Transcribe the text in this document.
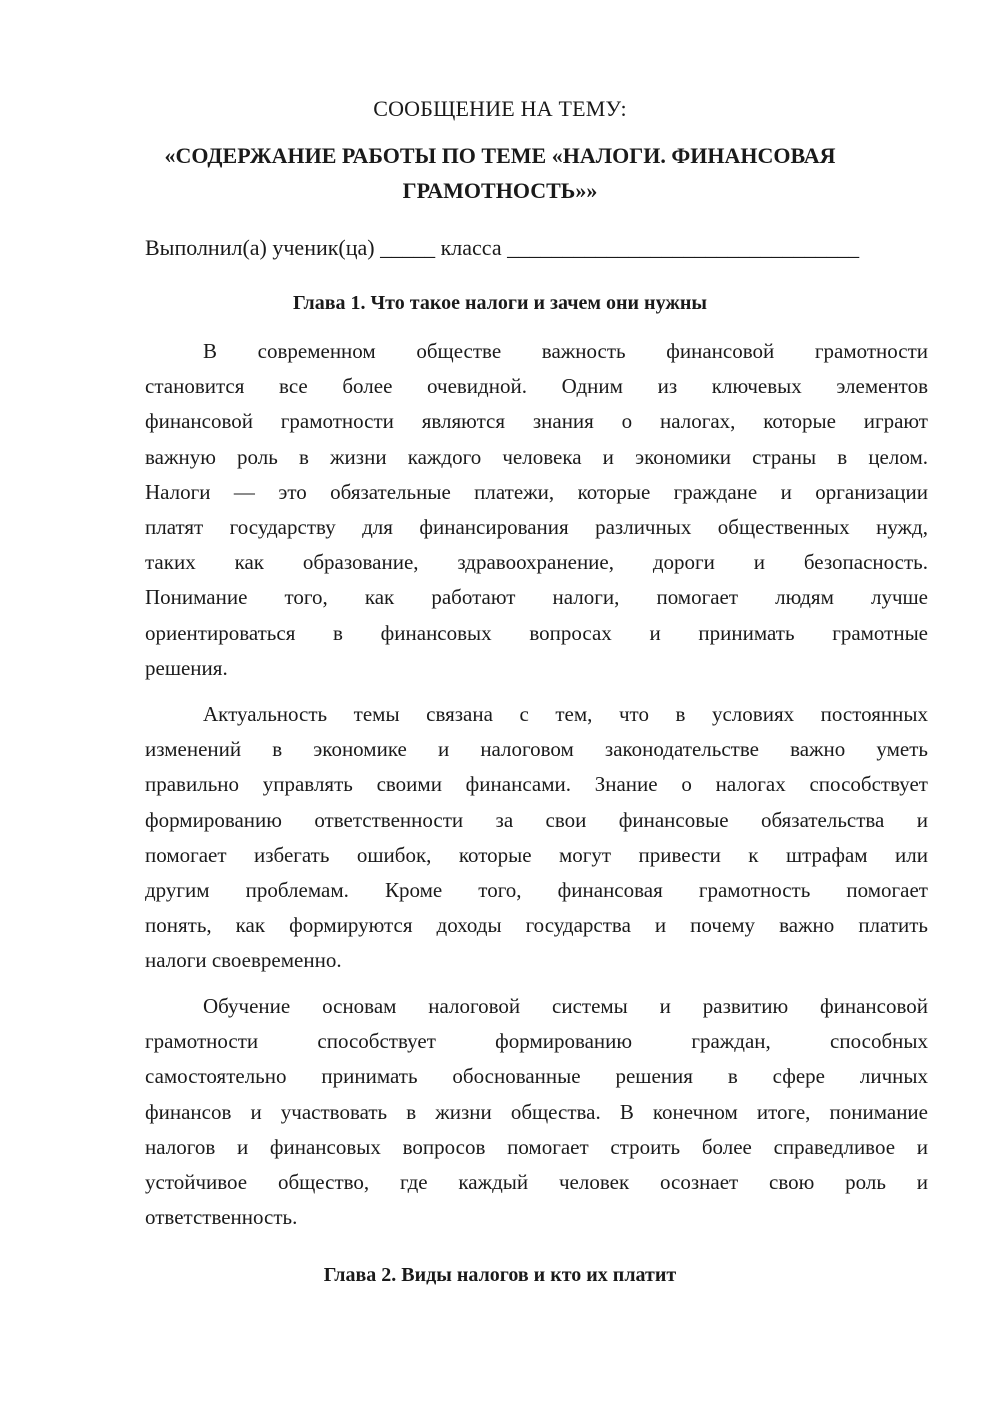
СООБЩЕНИЕ НА ТЕМУ:

«СОДЕРЖАНИЕ РАБОТЫ ПО ТЕМЕ «НАЛОГИ. ФИНАНСОВАЯ

ГРАМОТНОСТЬ»»

Выполнил(а) ученик(ца) _____ класса ________________________________
Глава 1. Что такое налоги и зачем они нужны
В современном обществе важность финансовой грамотности
становится все более очевидной. Одним из ключевых элементов
финансовой грамотности являются знания о налогах, которые играют
важную роль в жизни каждого человека и экономики страны в целом.
Налоги — это обязательные платежи, которые граждане и организации
платят государству для финансирования различных общественных нужд,
таких как образование, здравоохранение, дороги и безопасность.
Понимание того, как работают налоги, помогает людям лучше
ориентироваться в финансовых вопросах и принимать грамотные
решения.
Актуальность темы связана с тем, что в условиях постоянных
изменений в экономике и налоговом законодательстве важно уметь
правильно управлять своими финансами. Знание о налогах способствует
формированию ответственности за свои финансовые обязательства и
помогает избегать ошибок, которые могут привести к штрафам или
другим проблемам. Кроме того, финансовая грамотность помогает
понять, как формируются доходы государства и почему важно платить
налоги своевременно.
Обучение основам налоговой системы и развитию финансовой
грамотности способствует формированию граждан, способных
самостоятельно принимать обоснованные решения в сфере личных
финансов и участвовать в жизни общества. В конечном итоге, понимание
налогов и финансовых вопросов помогает строить более справедливое и
устойчивое общество, где каждый человек осознает свою роль и
ответственность.
Глава 2. Виды налогов и кто их платит
